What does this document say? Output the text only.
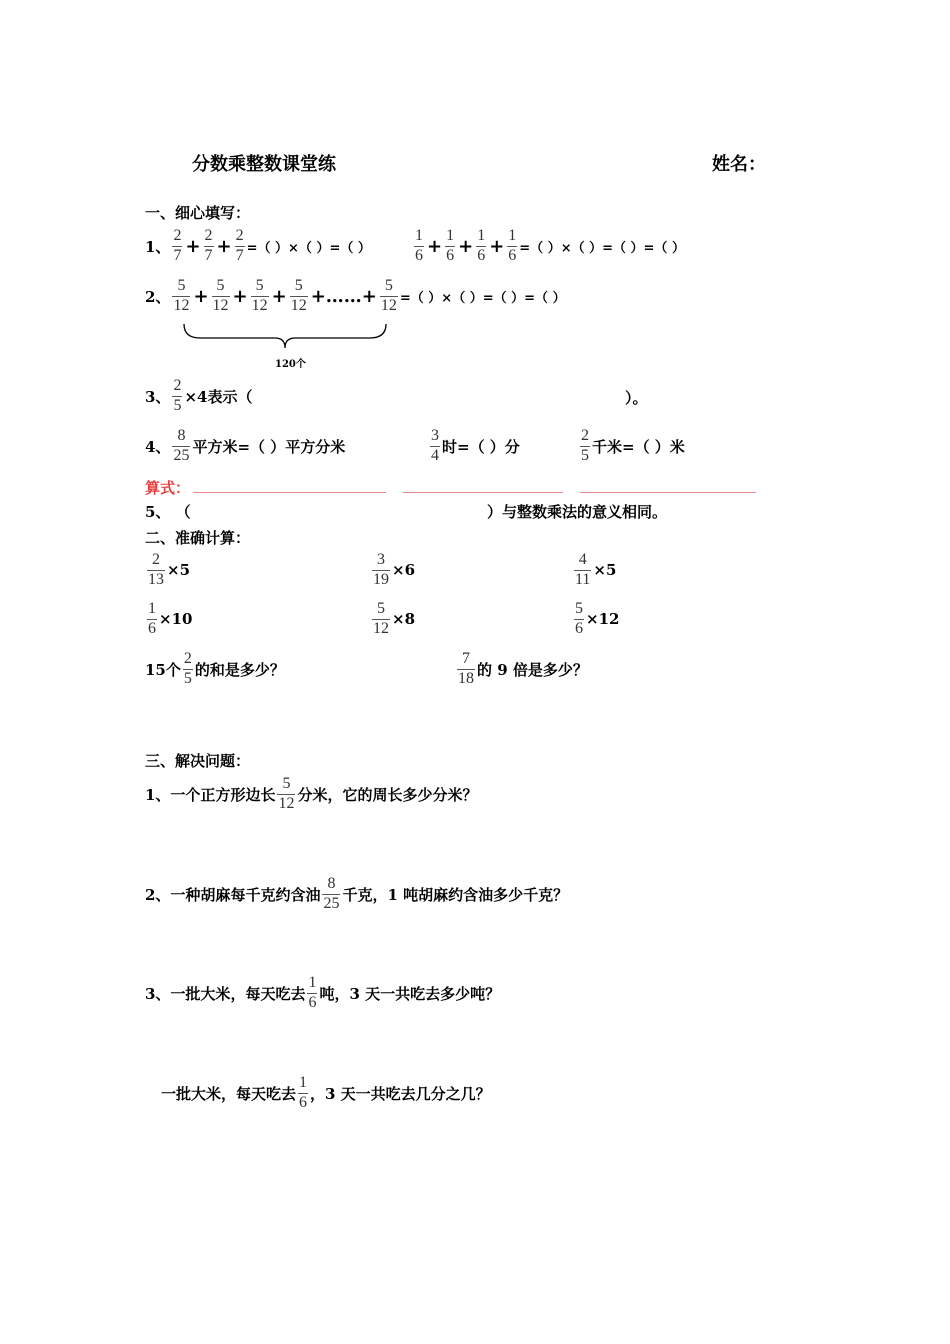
分数乘整数课堂练	姓名：
一、细心填写：
1、 $\frac{2}{7} + \frac{2}{7} + \frac{2}{7}$ =（ ）×（ ）=（ ）	$\frac{1}{6} + \frac{1}{6} + \frac{1}{6} + \frac{1}{6}$ =（ ）×（ ）=（ ）=（ ）
2、 $\frac{5}{12} + \frac{5}{12} + \frac{5}{12} + \frac{5}{12}$ +……+ $\frac{5}{12}$ =（ ）×（ ）=（ ）=（ ）
120个
3、 $\frac{2}{5} \times 4$表示（	）。
4、 $\frac{8}{25}$ 平方米=（ ）平方分米	$\frac{3}{4}$ 时=（ ）分	$\frac{2}{5}$ 千米=（ ）米
算式：
5、 （	）与整数乘法的意义相同。
二、准确计算：
$\frac{2}{13} \times 5$	$\frac{3}{19} \times 6$	$\frac{4}{11} \times 5$
$\frac{1}{6} \times 10$	$\frac{5}{12} \times 8$	$\frac{5}{6} \times 12$
15个 $\frac{2}{5}$ 的和是多少？	$\frac{7}{18}$ 的 9 倍是多少？
三、解决问题：
1、一个正方形边长 $\frac{5}{12}$ 分米，它的周长多少分米？
2、一种胡麻每千克约含油 $\frac{8}{25}$ 千克，1 吨胡麻约含油多少千克？
3、一批大米，每天吃去 $\frac{1}{6}$ 吨，3 天一共吃去多少吨？
一批大米，每天吃去 $\frac{1}{6}$ ，3 天一共吃去几分之几？
